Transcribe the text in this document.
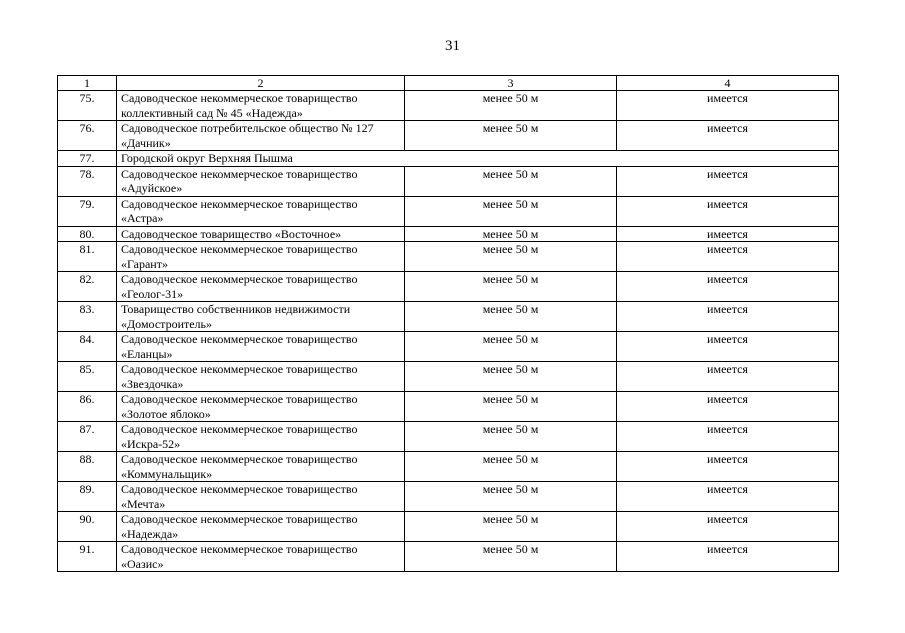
31
1	2	3	4
75.	Садоводческое некоммерческое товарищество коллективный сад № 45 «Надежда»	менее 50 м	имеется
76.	Садоводческое потребительское общество № 127 «Дачник»	менее 50 м	имеется
77.	Городской округ Верхняя Пышма		
78.	Садоводческое некоммерческое товарищество «Адуйское»	менее 50 м	имеется
79.	Садоводческое некоммерческое товарищество «Астра»	менее 50 м	имеется
80.	Садоводческое товарищество «Восточное»	менее 50 м	имеется
81.	Садоводческое некоммерческое товарищество «Гарант»	менее 50 м	имеется
82.	Садоводческое некоммерческое товарищество «Геолог-31»	менее 50 м	имеется
83.	Товарищество собственников недвижимости «Домостроитель»	менее 50 м	имеется
84.	Садоводческое некоммерческое товарищество «Еланцы»	менее 50 м	имеется
85.	Садоводческое некоммерческое товарищество «Звездочка»	менее 50 м	имеется
86.	Садоводческое некоммерческое товарищество «Золотое яблоко»	менее 50 м	имеется
87.	Садоводческое некоммерческое товарищество «Искра-52»	менее 50 м	имеется
88.	Садоводческое некоммерческое товарищество «Коммунальщик»	менее 50 м	имеется
89.	Садоводческое некоммерческое товарищество «Мечта»	менее 50 м	имеется
90.	Садоводческое некоммерческое товарищество «Надежда»	менее 50 м	имеется
91.	Садоводческое некоммерческое товарищество «Оазис»	менее 50 м	имеется
